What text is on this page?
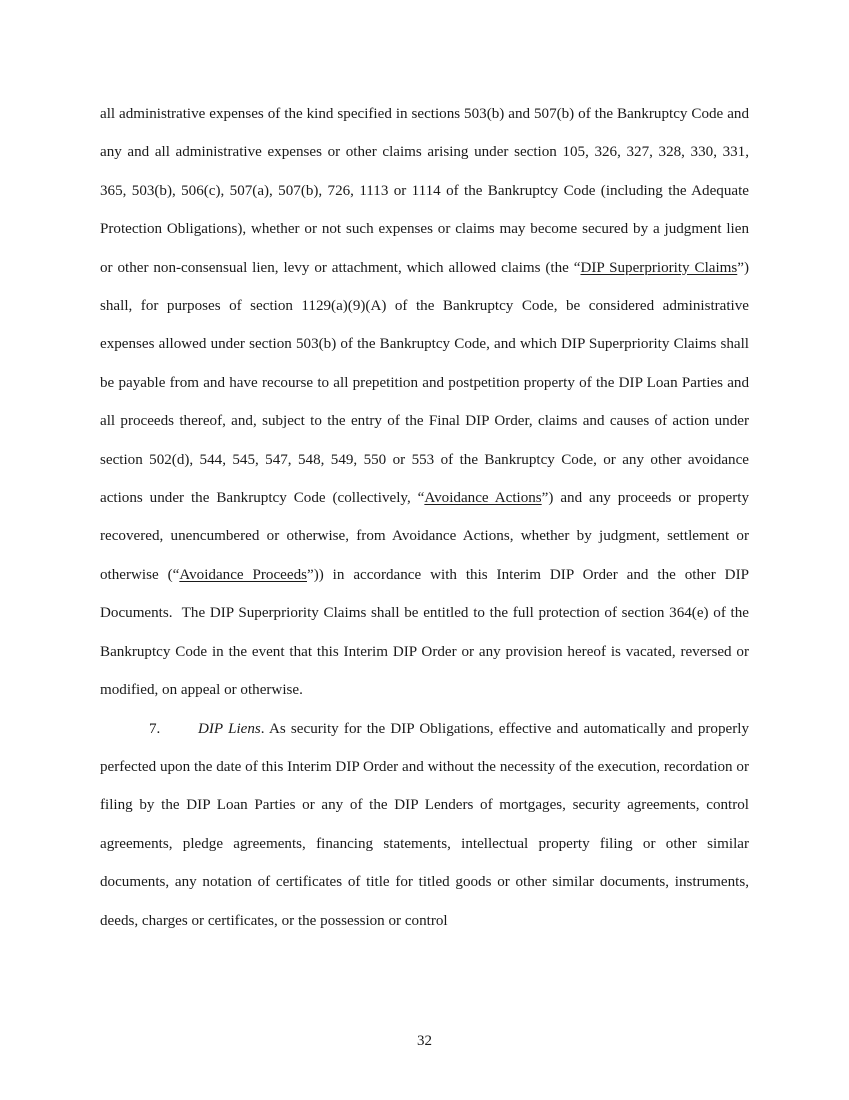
all administrative expenses of the kind specified in sections 503(b) and 507(b) of the Bankruptcy Code and any and all administrative expenses or other claims arising under section 105, 326, 327, 328, 330, 331, 365, 503(b), 506(c), 507(a), 507(b), 726, 1113 or 1114 of the Bankruptcy Code (including the Adequate Protection Obligations), whether or not such expenses or claims may become secured by a judgment lien or other non-consensual lien, levy or attachment, which allowed claims (the “DIP Superpriority Claims”) shall, for purposes of section 1129(a)(9)(A) of the Bankruptcy Code, be considered administrative expenses allowed under section 503(b) of the Bankruptcy Code, and which DIP Superpriority Claims shall be payable from and have recourse to all prepetition and postpetition property of the DIP Loan Parties and all proceeds thereof, and, subject to the entry of the Final DIP Order, claims and causes of action under section 502(d), 544, 545, 547, 548, 549, 550 or 553 of the Bankruptcy Code, or any other avoidance actions under the Bankruptcy Code (collectively, “Avoidance Actions”) and any proceeds or property recovered, unencumbered or otherwise, from Avoidance Actions, whether by judgment, settlement or otherwise (“Avoidance Proceeds”)) in accordance with this Interim DIP Order and the other DIP Documents.  The DIP Superpriority Claims shall be entitled to the full protection of section 364(e) of the Bankruptcy Code in the event that this Interim DIP Order or any provision hereof is vacated, reversed or modified, on appeal or otherwise.

7. DIP Liens. As security for the DIP Obligations, effective and automatically and properly perfected upon the date of this Interim DIP Order and without the necessity of the execution, recordation or filing by the DIP Loan Parties or any of the DIP Lenders of mortgages, security agreements, control agreements, pledge agreements, financing statements, intellectual property filing or other similar documents, any notation of certificates of title for titled goods or other similar documents, instruments, deeds, charges or certificates, or the possession or control

32
